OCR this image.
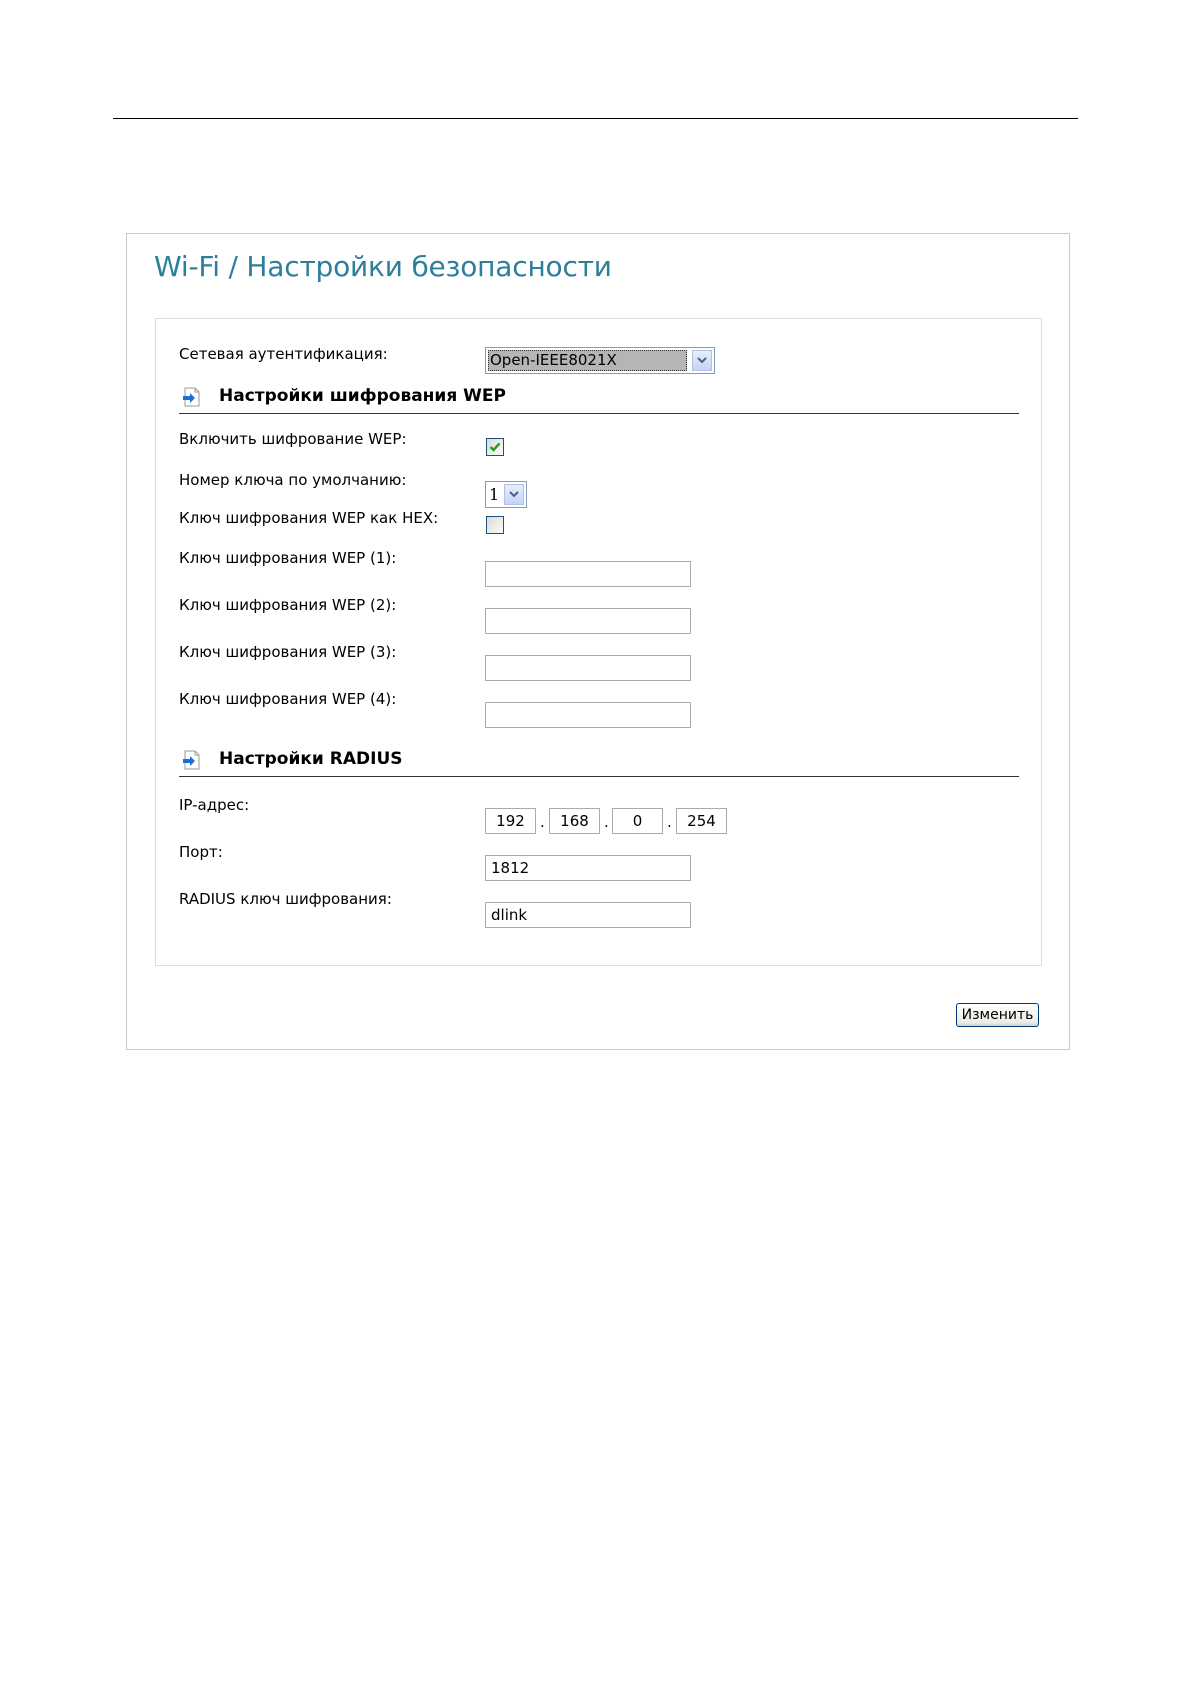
Wi-Fi / Настройки безопасности
Сетевая аутентификация:	Open-IEEE8021X
Настройки шифрования WEP
Включить шифрование WEP:
Номер ключа по умолчанию:
1
Ключ шифрования WEP как HEX:
Ключ шифрования WEP (1):
Ключ шифрования WEP (2):
Ключ шифрования WEP (3):
Ключ шифрования WEP (4):
Настройки RADIUS
IP-адрес:
192	.	168	.	0	.	254
Порт:
1812
RADIUS ключ шифрования:
dlink
Изменить
